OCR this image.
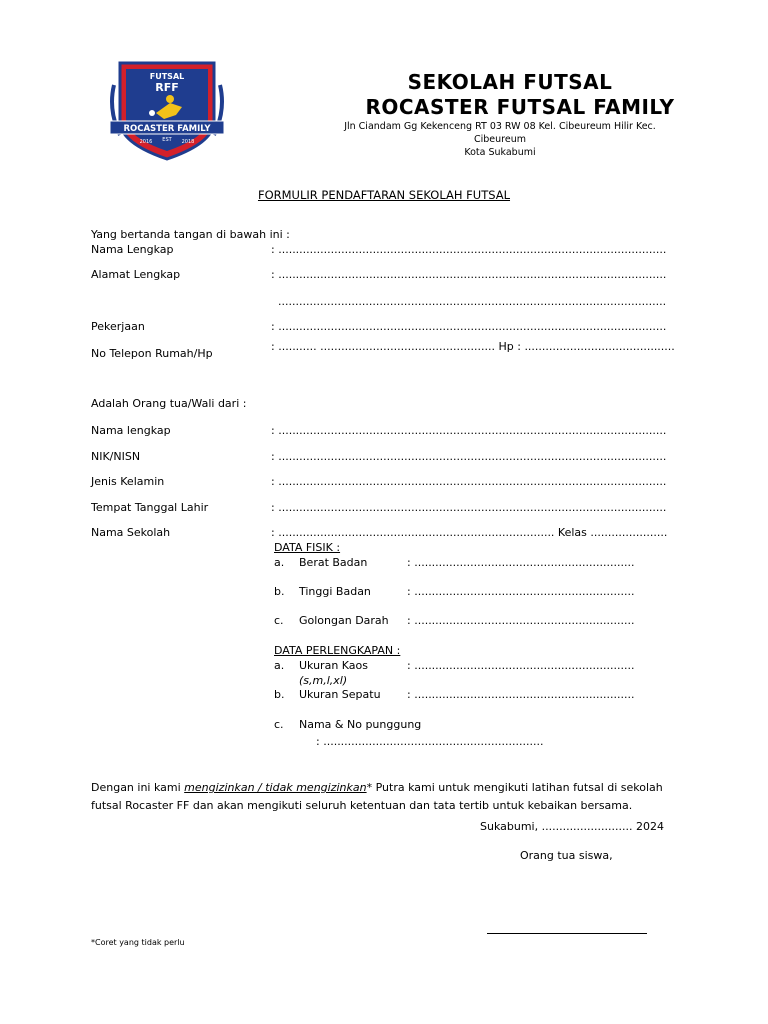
FUTSAL
RFF
ROCASTER FAMILY
2016 EST 2018
SEKOLAH FUTSAL
ROCASTER FUTSAL FAMILY
Jln Ciandam Gg Kekenceng RT 03 RW 08 Kel. Cibeureum Hilir Kec. Cibeureum
Kota Sukabumi
FORMULIR PENDAFTARAN SEKOLAH FUTSAL
Yang bertanda tangan di bawah ini :
Nama Lengkap	: ...............................................................................................................
Alamat Lengkap	: ...............................................................................................................
...............................................................................................................
Pekerjaan	: ...............................................................................................................
No Telepon Rumah/Hp
: ........... .................................................. Hp : ...........................................
Adalah Orang tua/Wali dari :
Nama lengkap	: ...............................................................................................................
NIK/NISN	: ...............................................................................................................
Jenis Kelamin	: ...............................................................................................................
Tempat Tanggal Lahir	: ...............................................................................................................
Nama Sekolah	: ............................................................................... Kelas ......................
DATA FISIK :
a. Berat Badan	: ...............................................................
b. Tinggi Badan	: ...............................................................
c. Golongan Darah : ...............................................................
DATA PERLENGKAPAN :
a. Ukuran Kaos
(s,m,l,xl)
: ...............................................................
b. Ukuran Sepatu : ...............................................................
c. Nama & No punggung
: ...............................................................
Dengan ini kami mengizinkan / tidak mengizinkan* Putra kami untuk mengikuti latihan futsal di sekolah futsal Rocaster FF dan akan mengikuti seluruh ketentuan dan tata tertib untuk kebaikan bersama.
Sukabumi, .......................... 2024
Orang tua siswa,
*Coret yang tidak perlu
